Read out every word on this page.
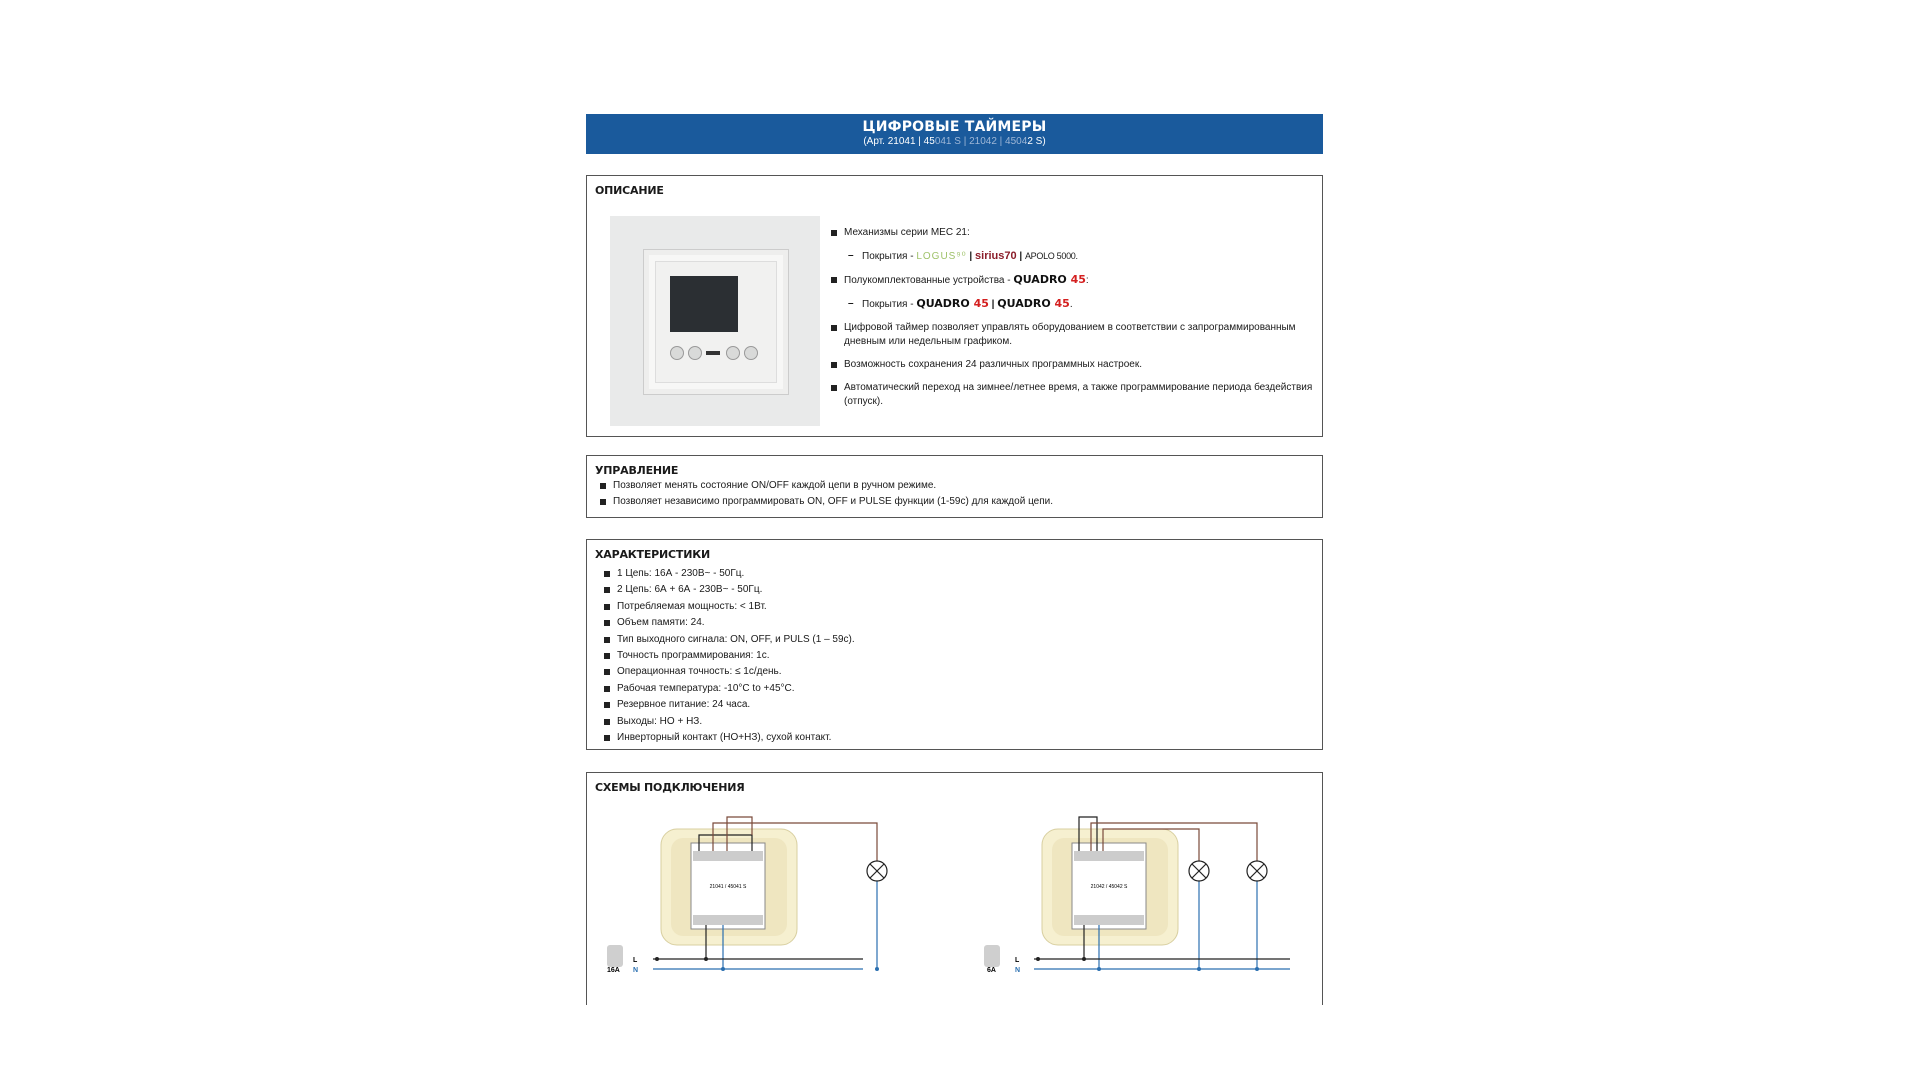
ЦИФРОВЫЕ ТАЙМЕРЫ
(Арт. 21041 | 45041 S | 21042 | 45042 S)
ОПИСАНИЕ
Механизмы серии MEC 21:
– Покрытия - LOGUS⁹⁰ | sirius70 | APOLO 5000.
Полукомплектованные устройства - QUADRO 45:
– Покрытия - QUADRO 45 | QUADRO 45.
Цифровой таймер позволяет управлять оборудованием в соответствии с запрограммированным дневным или недельным графиком.
Возможность сохранения 24 различных программных настроек.
Автоматический переход на зимнее/летнее время, а также программирование периода бездействия (отпуск).
УПРАВЛЕНИЕ
Позволяет менять состояние ON/OFF каждой цепи в ручном режиме.
Позволяет независимо программировать ON, OFF и PULSE функции (1-59с) для каждой цепи.
ХАРАКТЕРИСТИКИ
1 Цепь: 16А - 230В~ - 50Гц.
2 Цепь: 6А + 6А - 230В~ - 50Гц.
Потребляемая мощность: < 1Вт.
Объем памяти: 24.
Тип выходного сигнала: ON, OFF, и PULS (1 – 59с).
Точность программирования: 1с.
Операционная точность: ≤ 1с/день.
Рабочая температура: -10°C to +45°C.
Резервное питание: 24 часа.
Выходы: НО + НЗ.
Инверторный контакт (НО+НЗ), сухой контакт.
СХЕМЫ ПОДКЛЮЧЕНИЯ
21041 / 45041 S
L
N
16A
21042 / 45042 S
L
N
6A
